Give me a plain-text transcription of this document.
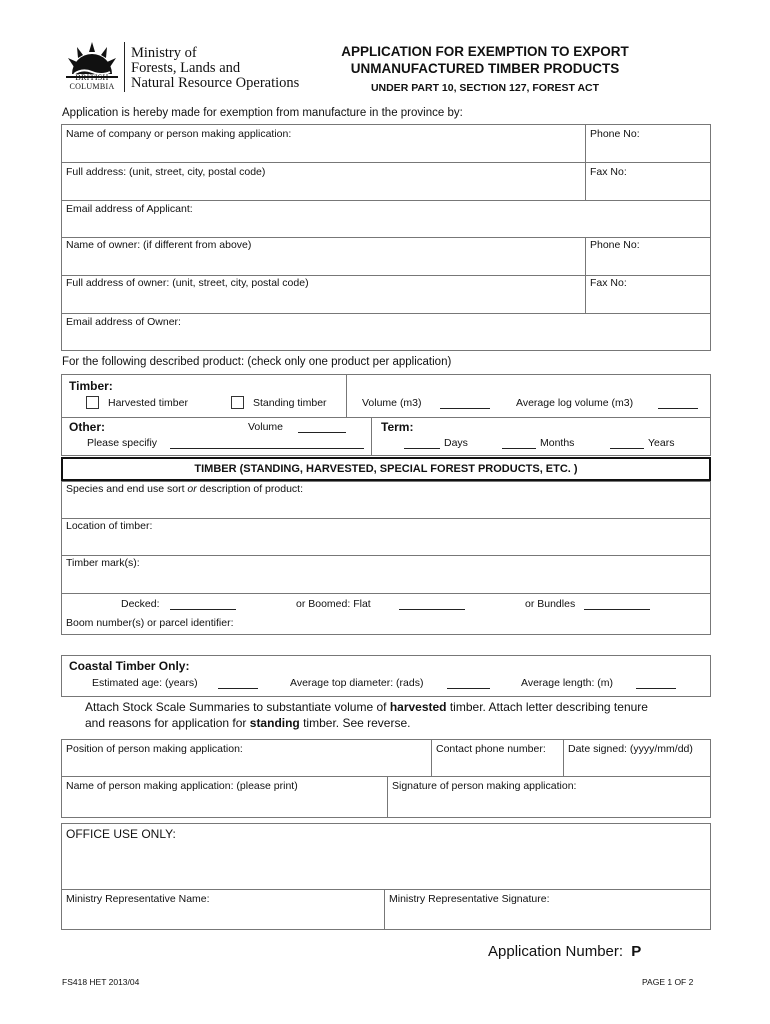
BRITISH
COLUMBIA
Ministry of
Forests, Lands and
Natural Resource Operations
APPLICATION FOR EXEMPTION TO EXPORT
UNMANUFACTURED TIMBER PRODUCTS
UNDER PART 10, SECTION 127, FOREST ACT
Application is hereby made for exemption from manufacture in the province by:
Name of company or person making application:	Phone No:
Full address: (unit, street, city, postal code)	Fax No:
Email address of Applicant:
Name of owner: (if different from above)	Phone No:
Full address of owner: (unit, street, city, postal code)	Fax No:
Email address of Owner:
For the following described product: (check only one product per application)
Timber:
Harvested timber	Standing timber	Volume (m3)	Average log volume (m3)
Other:	Volume
Please specifiy
Term:
Days	Months	Years
TIMBER (STANDING, HARVESTED, SPECIAL FOREST PRODUCTS, ETC. )
Species and end use sort or description of product:
Location of timber:
Timber mark(s):
Decked:	or Boomed: Flat	or Bundles
Boom number(s) or parcel identifier:
Coastal Timber Only:
Estimated age: (years)	Average top diameter: (rads)	Average length: (m)
Attach Stock Scale Summaries to substantiate volume of harvested timber. Attach letter describing tenure
and reasons for application for standing timber. See reverse.
Position of person making application:	Contact phone number: Date signed: (yyyy/mm/dd)
Name of person making application: (please print)	Signature of person making application:
OFFICE USE ONLY:
Ministry Representative Name:	Ministry Representative Signature:
Application Number: P
FS418 HET 2013/04	PAGE 1 OF 2
